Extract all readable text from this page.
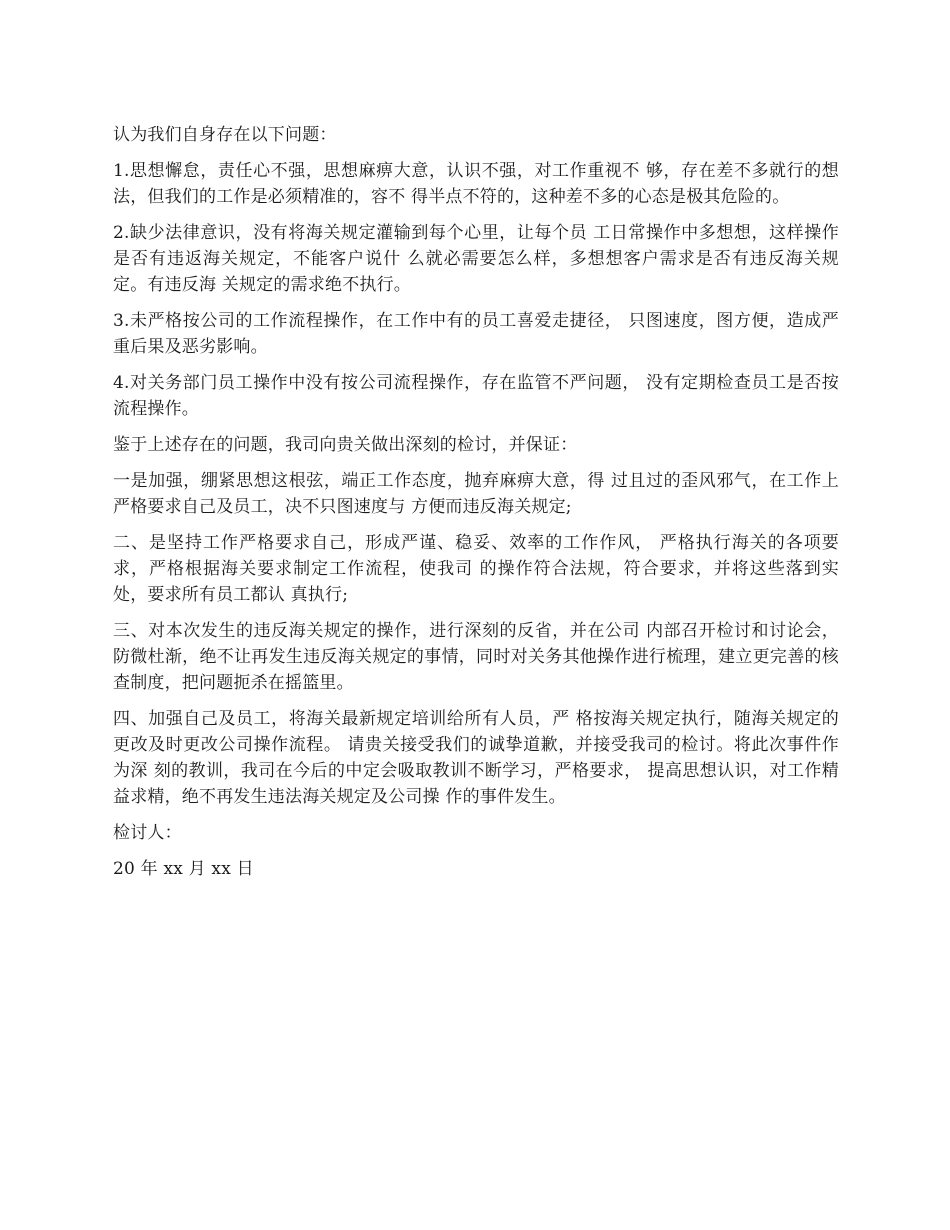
认为我们自身存在以下问题：

1.思想懈怠，责任心不强，思想麻痹大意，认识不强，对工作重视不 够，存在差不多就行的想法，但我们的工作是必须精准的，容不 得半点不符的，这种差不多的心态是极其危险的。

2.缺少法律意识，没有将海关规定灌输到每个心里，让每个员 工日常操作中多想想，这样操作是否有违返海关规定，不能客户说什 么就必需要怎么样，多想想客户需求是否有违反海关规定。有违反海 关规定的需求绝不执行。

3.未严格按公司的工作流程操作，在工作中有的员工喜爱走捷径， 只图速度，图方便，造成严重后果及恶劣影响。

4.对关务部门员工操作中没有按公司流程操作，存在监管不严问题， 没有定期检查员工是否按流程操作。

鉴于上述存在的问题，我司向贵关做出深刻的检讨，并保证：

一是加强，绷紧思想这根弦，端正工作态度，抛弃麻痹大意，得 过且过的歪风邪气，在工作上严格要求自己及员工，决不只图速度与 方便而违反海关规定;

二、是坚持工作严格要求自己，形成严谨、稳妥、效率的工作作风， 严格执行海关的各项要求，严格根据海关要求制定工作流程，使我司 的操作符合法规，符合要求，并将这些落到实处，要求所有员工都认 真执行;

三、对本次发生的违反海关规定的操作，进行深刻的反省，并在公司 内部召开检讨和讨论会，防微杜渐，绝不让再发生违反海关规定的事情，同时对关务其他操作进行梳理，建立更完善的核查制度，把问题扼杀在摇篮里。

四、加强自己及员工，将海关最新规定培训给所有人员，严 格按海关规定执行，随海关规定的更改及时更改公司操作流程。 请贵关接受我们的诚挚道歉，并接受我司的检讨。将此次事件作为深 刻的教训，我司在今后的中定会吸取教训不断学习，严格要求， 提高思想认识，对工作精益求精，绝不再发生违法海关规定及公司操 作的事件发生。

检讨人：

20 年 xx 月 xx 日
